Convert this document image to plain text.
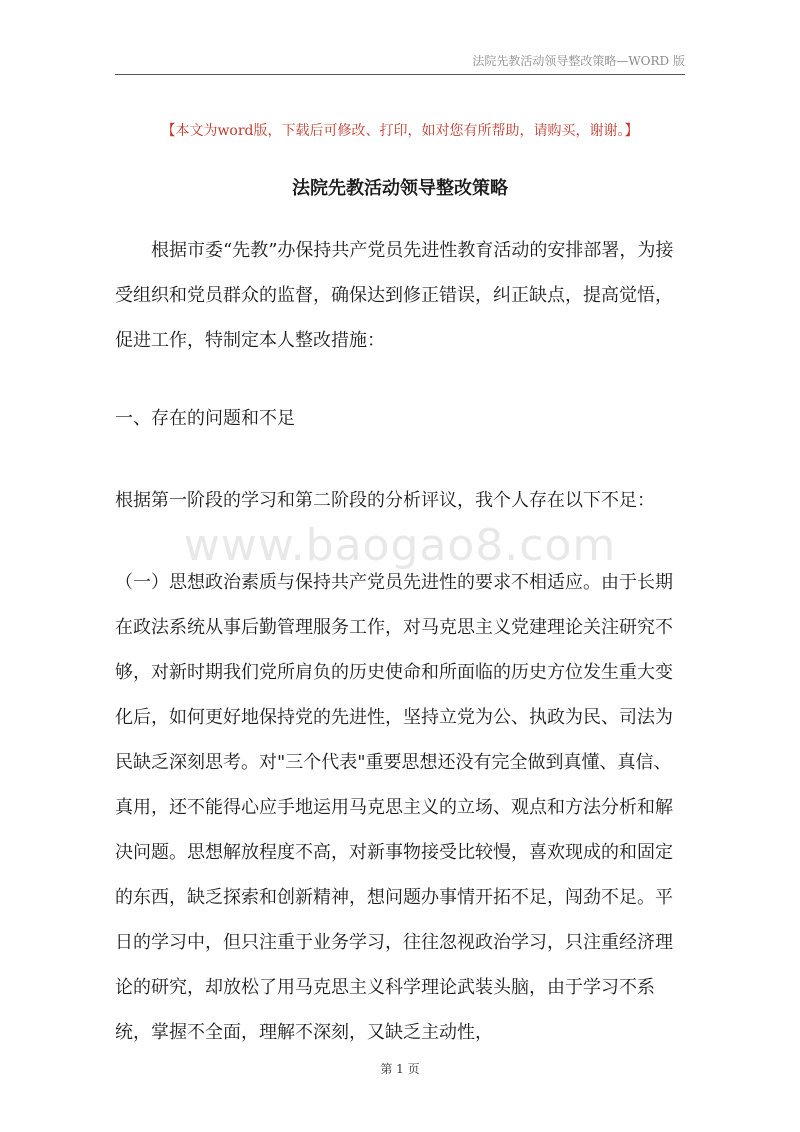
法院先教活动领导整改策略—WORD 版
【本文为word版，下载后可修改、打印，如对您有所帮助，请购买，谢谢。】
法院先教活动领导整改策略
根据市委“先教”办保持共产党员先进性教育活动的安排部署，为接受组织和党员群众的监督，确保达到修正错误，纠正缺点，提高觉悟，促进工作，特制定本人整改措施：
一、存在的问题和不足
根据第一阶段的学习和第二阶段的分析评议，我个人存在以下不足：
www.baogao8.com
（一）思想政治素质与保持共产党员先进性的要求不相适应。由于长期在政法系统从事后勤管理服务工作，对马克思主义党建理论关注研究不够，对新时期我们党所肩负的历史使命和所面临的历史方位发生重大变化后，如何更好地保持党的先进性，坚持立党为公、执政为民、司法为民缺乏深刻思考。对"三个代表"重要思想还没有完全做到真懂、真信、真用，还不能得心应手地运用马克思主义的立场、观点和方法分析和解决问题。思想解放程度不高，对新事物接受比较慢，喜欢现成的和固定的东西，缺乏探索和创新精神，想问题办事情开拓不足，闯劲不足。平日的学习中，但只注重于业务学习，往往忽视政治学习，只注重经济理论的研究，却放松了用马克思主义科学理论武装头脑，由于学习不系统，掌握不全面，理解不深刻，又缺乏主动性，
第 1 页
